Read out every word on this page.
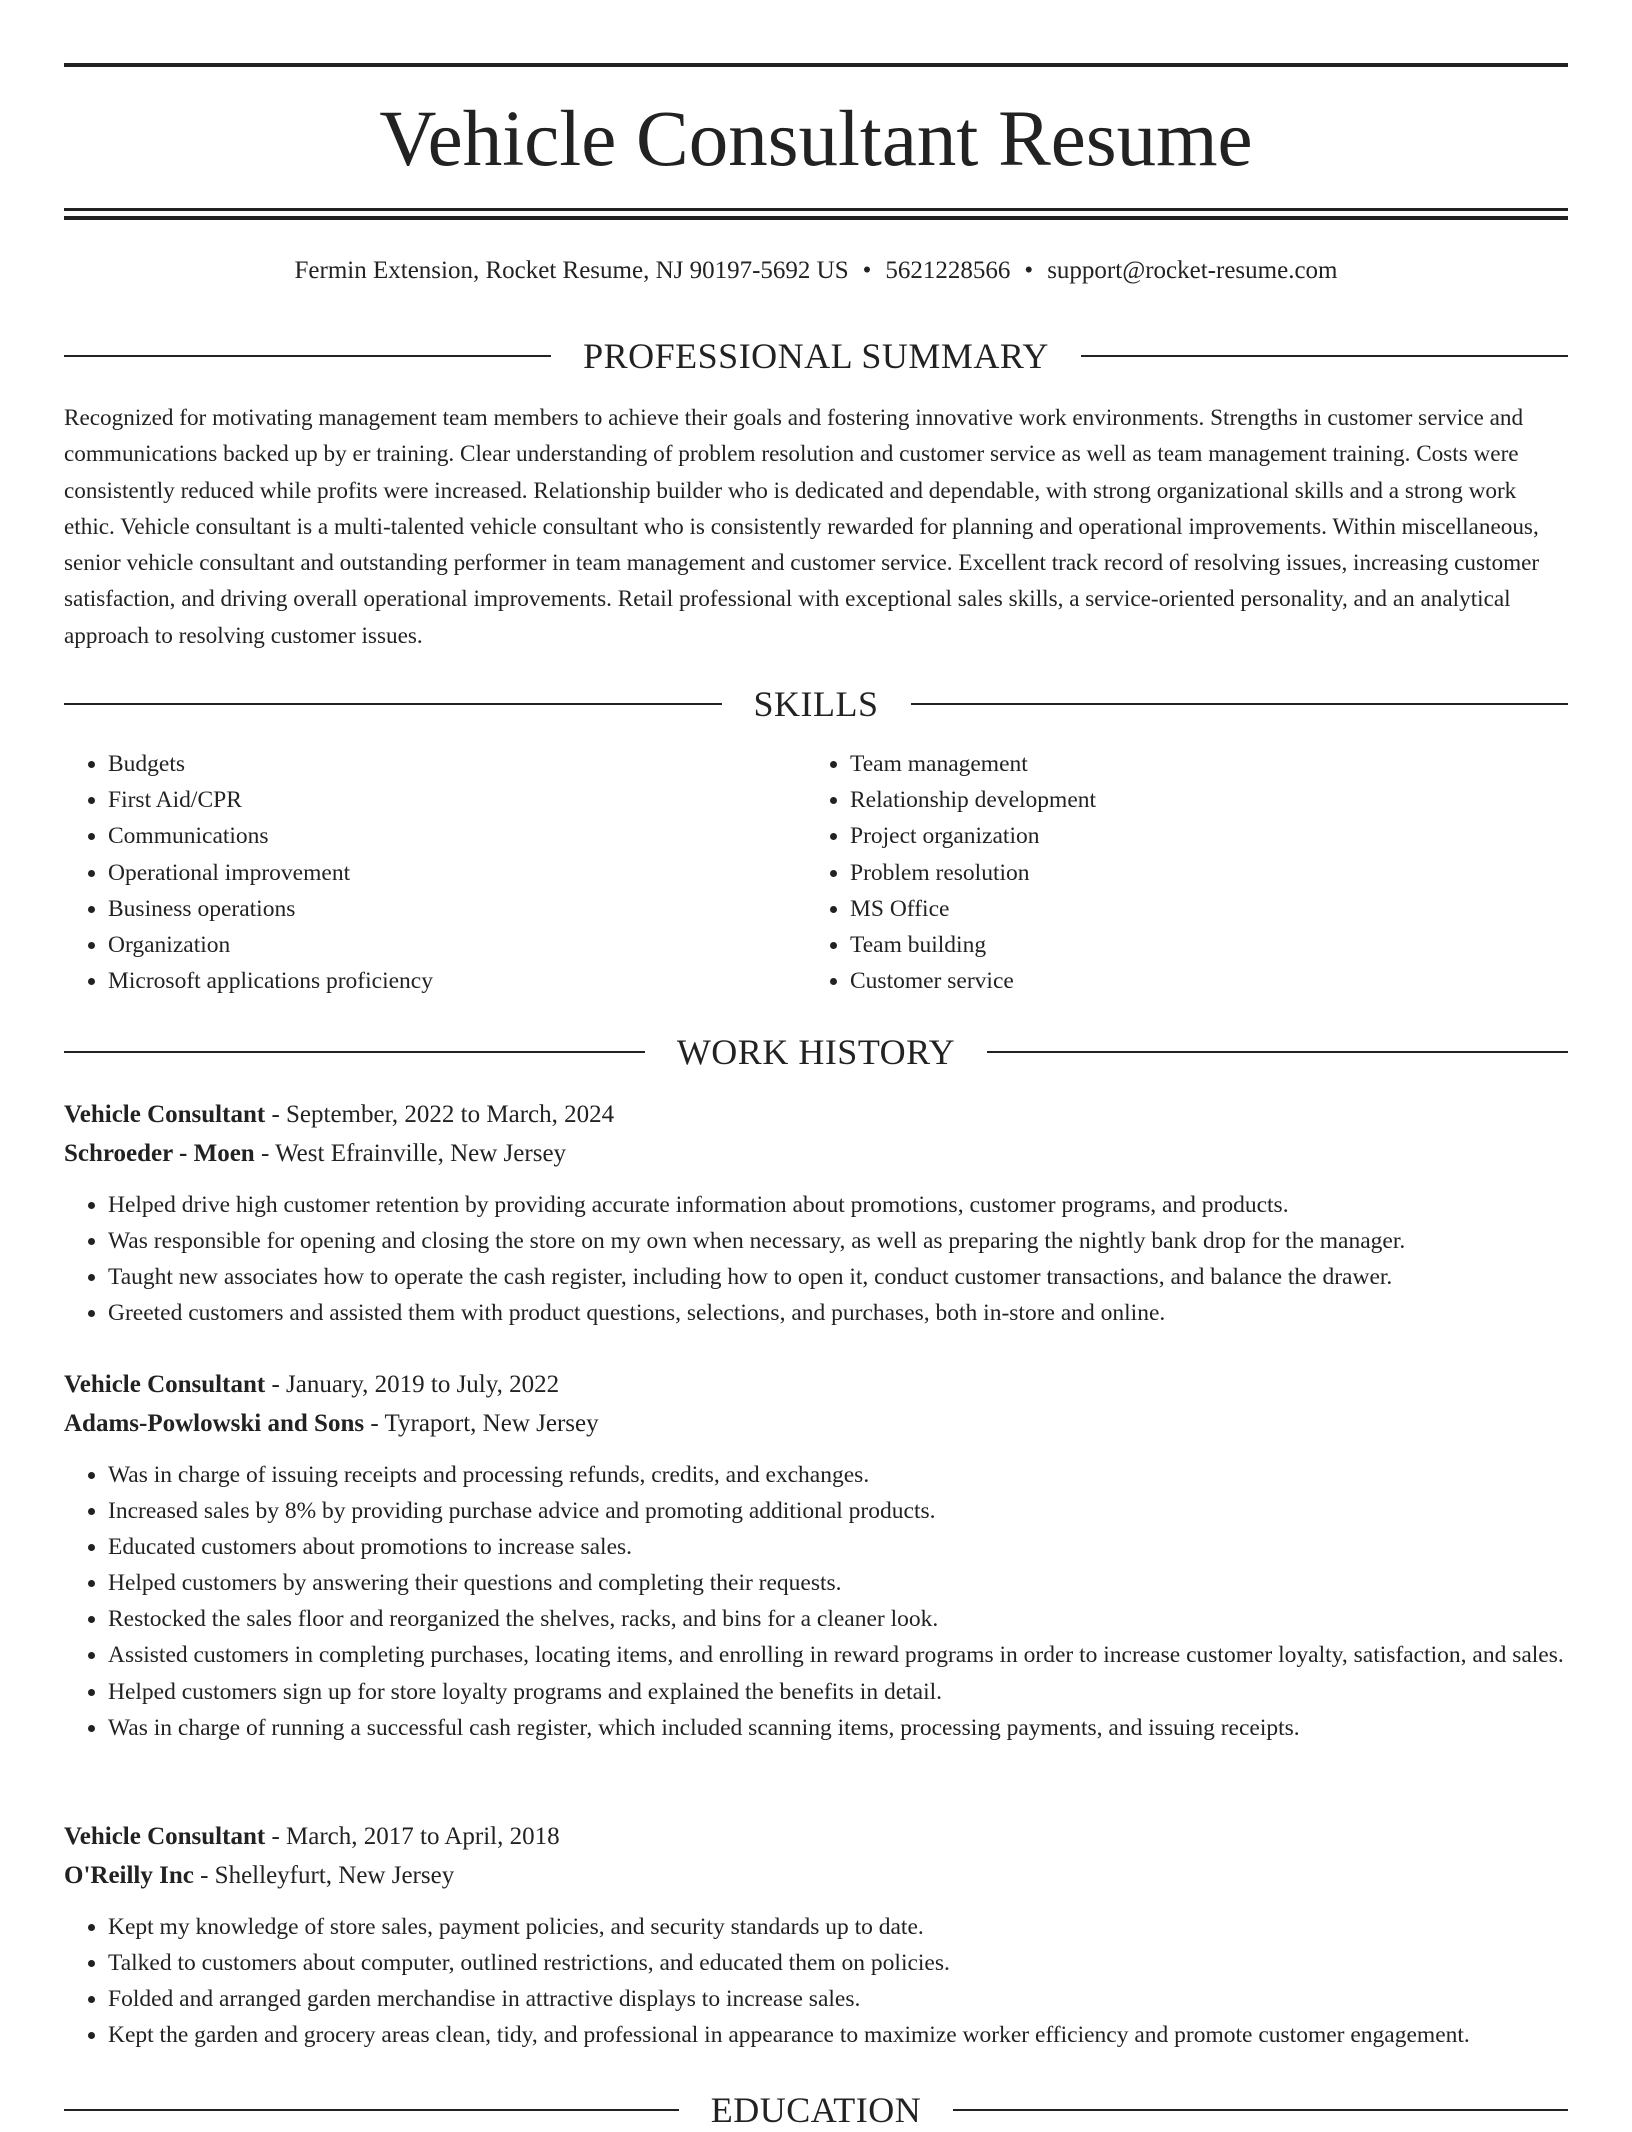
Vehicle Consultant Resume
Fermin Extension, Rocket Resume, NJ 90197-5692 US • 5621228566 • support@rocket-resume.com
PROFESSIONAL SUMMARY

Recognized for motivating management team members to achieve their goals and fostering innovative work environments. Strengths in customer service and communications backed up by er training. Clear understanding of problem resolution and customer service as well as team management training. Costs were consistently reduced while profits were increased. Relationship builder who is dedicated and dependable, with strong organizational skills and a strong work ethic. Vehicle consultant is a multi-talented vehicle consultant who is consistently rewarded for planning and operational improvements. Within miscellaneous, senior vehicle consultant and outstanding performer in team management and customer service. Excellent track record of resolving issues, increasing customer satisfaction, and driving overall operational improvements. Retail professional with exceptional sales skills, a service-oriented personality, and an analytical approach to resolving customer issues.

SKILLS
• Budgets
• First Aid/CPR
• Communications
• Operational improvement
• Business operations
• Organization
• Microsoft applications proficiency
• Team management
• Relationship development
• Project organization
• Problem resolution
• MS Office
• Team building
• Customer service
WORK HISTORY

Vehicle Consultant - September, 2022 to March, 2024

Schroeder - Moen - West Efrainville, New Jersey

• Helped drive high customer retention by providing accurate information about promotions, customer programs, and products.
• Was responsible for opening and closing the store on my own when necessary, as well as preparing the nightly bank drop for the manager.
• Taught new associates how to operate the cash register, including how to open it, conduct customer transactions, and balance the drawer.
• Greeted customers and assisted them with product questions, selections, and purchases, both in-store and online.

Vehicle Consultant - January, 2019 to July, 2022

Adams-Powlowski and Sons - Tyraport, New Jersey

• Was in charge of issuing receipts and processing refunds, credits, and exchanges.
• Increased sales by 8% by providing purchase advice and promoting additional products.
• Educated customers about promotions to increase sales.
• Helped customers by answering their questions and completing their requests.
• Restocked the sales floor and reorganized the shelves, racks, and bins for a cleaner look.
• Assisted customers in completing purchases, locating items, and enrolling in reward programs in order to increase customer loyalty, satisfaction, and sales.
• Helped customers sign up for store loyalty programs and explained the benefits in detail.
• Was in charge of running a successful cash register, which included scanning items, processing payments, and issuing receipts.

Vehicle Consultant - March, 2017 to April, 2018

O'Reilly Inc - Shelleyfurt, New Jersey

• Kept my knowledge of store sales, payment policies, and security standards up to date.
• Talked to customers about computer, outlined restrictions, and educated them on policies.
• Folded and arranged garden merchandise in attractive displays to increase sales.
• Kept the garden and grocery areas clean, tidy, and professional in appearance to maximize worker efficiency and promote customer engagement.
EDUCATION
